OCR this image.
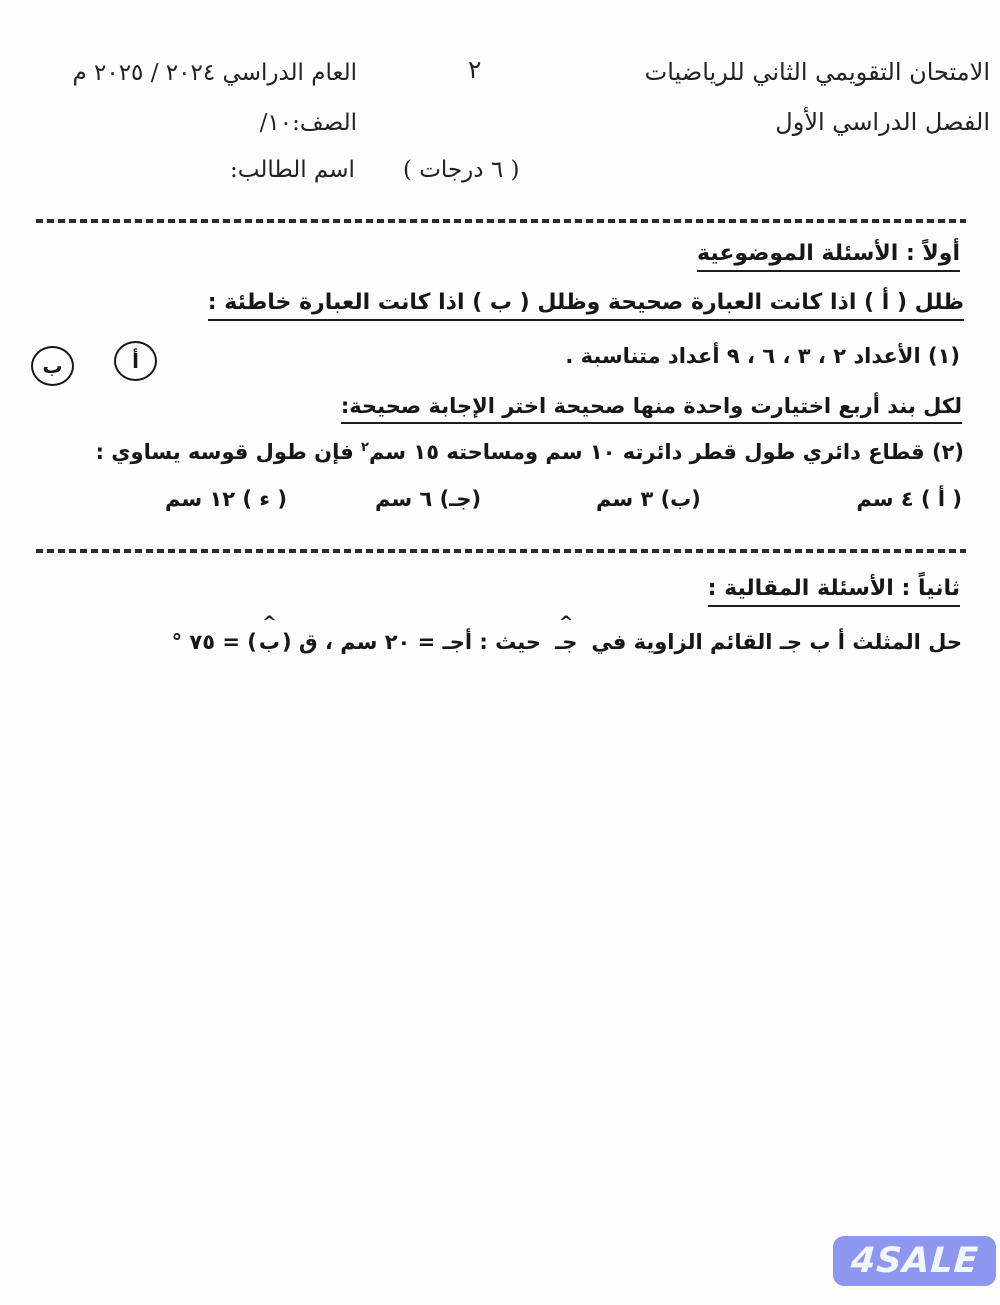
الامتحان التقويمي الثاني للرياضيات
الفصل الدراسي الأول
٢
العام الدراسي ٢٠٢٤ / ٢٠٢٥ م
الصف:١٠/
( ٦ درجات )
اسم الطالب:
أولاً : الأسئلة الموضوعية
ظلل ( أ ) اذا كانت العبارة صحيحة وظلل ( ب ) اذا كانت العبارة خاطئة :
(١) الأعداد ٢ ، ٣ ، ٦ ، ٩ أعداد متناسبة .
أ
ب
لكل بند أربع اختيارت واحدة منها صحيحة اختر الإجابة صحيحة:
(٢) قطاع دائري طول قطر دائرته ١٠ سم ومساحته ١٥ سم$^٢$ فإن طول قوسه يساوي :
( أ ) ٤ سم
(ب) ٣ سم
(جـ) ٦ سم
( ء ) ١٢ سم
ثانياً : الأسئلة المقالية :
حل المثلث أ ب جـ القائم الزاوية فيجـ ^حيث : أجـ = ٢٠ سم ، ق (ب ^) = ٧٥ °
4SALE
